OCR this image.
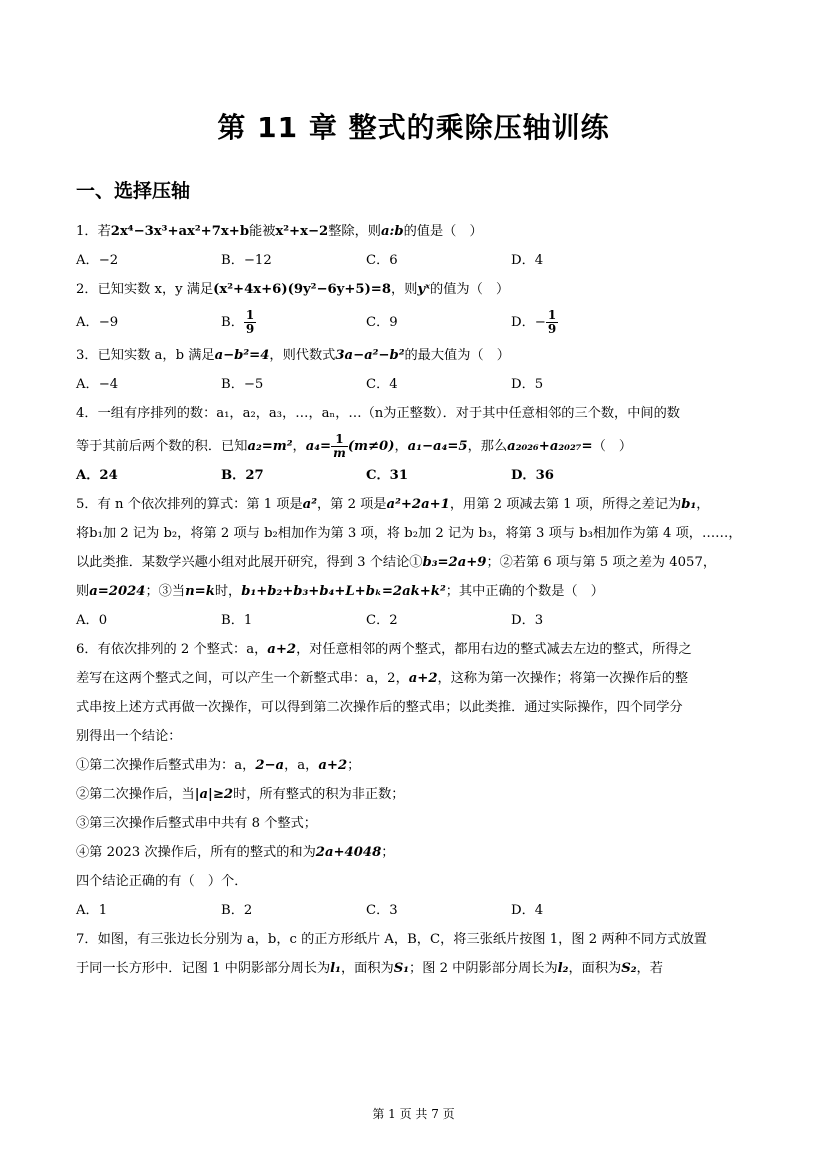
第 11 章 整式的乘除压轴训练
一、选择压轴
1．若2x⁴−3x³+ax²+7x+b能被x²+x−2整除，则a:b的值是（　）
A．−2	B．−12	C．6	D．4
2．已知实数 x，y 满足(x²+4x+6)(9y²−6y+5)=8，则yˣ的值为（　）
A．−9	B． $\frac{1}{9}$	C．9	D．− $\frac{1}{9}$
3．已知实数 a，b 满足a−b²=4，则代数式3a−a²−b²的最大值为（　）
A．−4	B．−5	C．4	D．5
4．一组有序排列的数：a₁，a₂，a₃，…，aₙ，…（n为正整数）．对于其中任意相邻的三个数，中间的数
等于其前后两个数的积．已知a₂=m²，$a_4= \frac{1}{m} (m\ne 0)$，a₁−a₄=5，那么a₂₀₂₆+a₂₀₂₇=（　）
A．24	B．27	C．31	D．36
5．有 n 个依次排列的算式：第 1 项是a²，第 2 项是a²+2a+1，用第 2 项减去第 1 项，所得之差记为b₁，
将b₁加 2 记为 b₂，将第 2 项与 b₂相加作为第 3 项，将 b₂加 2 记为 b₃，将第 3 项与 b₃相加作为第 4 项，……，
以此类推．某数学兴趣小组对此展开研究，得到 3 个结论①b₃=2a+9；②若第 6 项与第 5 项之差为 4057，
则a=2024；③当n=k时，b₁+b₂+b₃+b₄+L+bₖ=2ak+k²；其中正确的个数是（　）
A．0	B．1	C．2	D．3
6．有依次排列的 2 个整式：a，a+2，对任意相邻的两个整式，都用右边的整式减去左边的整式，所得之
差写在这两个整式之间，可以产生一个新整式串：a，2，a+2，这称为第一次操作；将第一次操作后的整
式串按上述方式再做一次操作，可以得到第二次操作后的整式串；以此类推．通过实际操作，四个同学分
别得出一个结论：
①第二次操作后整式串为：a，2−a，a，a+2；
②第二次操作后，当|a|≥2时，所有整式的积为非正数；
③第三次操作后整式串中共有 8 个整式；
④第 2023 次操作后，所有的整式的和为2a+4048；
四个结论正确的有（　）个．
A．1	B．2	C．3	D．4
7．如图，有三张边长分别为 a，b，c 的正方形纸片 A，B，C，将三张纸片按图 1，图 2 两种不同方式放置
于同一长方形中．记图 1 中阴影部分周长为l₁，面积为S₁；图 2 中阴影部分周长为l₂，面积为S₂，若
第 1 页 共 7 页
